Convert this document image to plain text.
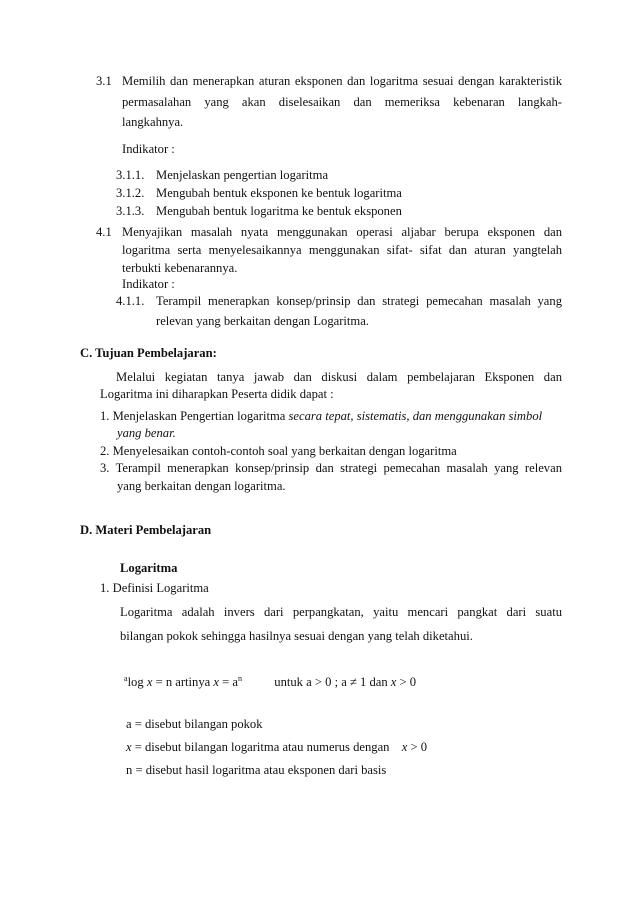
3.1 Memilih dan menerapkan aturan eksponen dan logaritma sesuai dengan karakteristik
permasalahan yang akan diselesaikan dan memeriksa kebenaran langkah-
langkahnya.
Indikator :
3.1.1. Menjelaskan pengertian logaritma
3.1.2. Mengubah bentuk eksponen ke bentuk logaritma
3.1.3. Mengubah bentuk logaritma ke bentuk eksponen
4.1 Menyajikan masalah nyata menggunakan operasi aljabar berupa eksponen dan
logaritma serta menyelesaikannya menggunakan sifat- sifat dan aturan yangtelah
terbukti kebenarannya.
Indikator :
4.1.1. Terampil menerapkan konsep/prinsip dan strategi pemecahan masalah yang
relevan yang berkaitan dengan Logaritma.
C. Tujuan Pembelajaran:
Melalui kegiatan tanya jawab dan diskusi dalam pembelajaran Eksponen dan
Logaritma ini diharapkan Peserta didik dapat :
1. Menjelaskan Pengertian logaritma secara tepat, sistematis, dan menggunakan simbol
yang benar.
2. Menyelesaikan contoh-contoh soal yang berkaitan dengan logaritma
3. Terampil menerapkan konsep/prinsip dan strategi pemecahan masalah yang relevan
yang berkaitan dengan logaritma.
D. Materi Pembelajaran
Logaritma
1. Definisi Logaritma
Logaritma adalah invers dari perpangkatan, yaitu mencari pangkat dari suatu
bilangan pokok sehingga hasilnya sesuai dengan yang telah diketahui.
$^a$log x = n artinya $x = a^n$	untuk a > 0 ; a ≠ 1 dan x > 0
a = disebut bilangan pokok
x = disebut bilangan logaritma atau numerus dengan x > 0
n = disebut hasil logaritma atau eksponen dari basis
